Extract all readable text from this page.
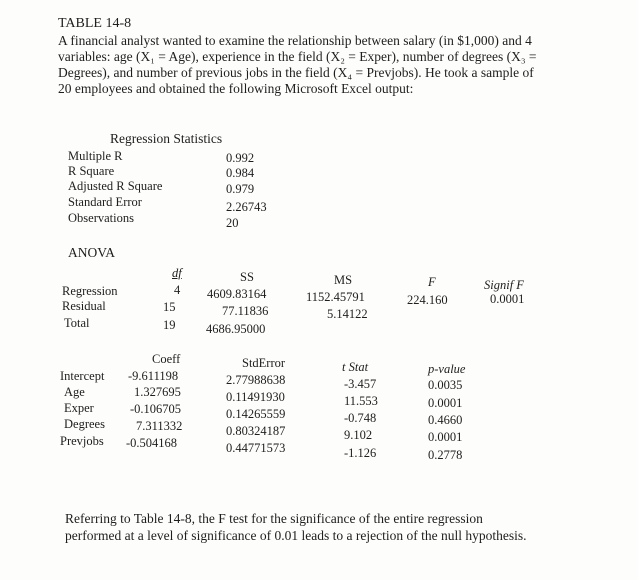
TABLE 14-8

A financial analyst wanted to examine the relationship between salary (in $1,000) and 4

variables: age (X₁ = Age), experience in the field (X₂ = Exper), number of degrees (X₃ =

Degrees), and number of previous jobs in the field (X₄ = Prevjobs). He took a sample of

20 employees and obtained the following Microsoft Excel output:

Regression Statistics
Multiple R	0.992
R Square	0.984
Adjusted R Square	0.979
Standard Error	2.26743
Observations	20
ANOVA
df	SS	MS	F	Signif F
Regression	4 4609.83164	1152.45791	224.160	0.0001
Residual	15	77.11836	5.14122
Total	19 4686.95000
Coeff	StdError	t Stat	p-value
Intercept -9.611198	2.77988638	-3.457	0.0035
Age	1.327695	0.11491930	11.553	0.0001
Exper	-0.106705	0.14265559	-0.748	0.4660
Degrees 7.311332	0.80324187	9.102	0.0001
Prevjobs -0.504168	0.44771573	-1.126	0.2778

Referring to Table 14-8, the F test for the significance of the entire regression

performed at a level of significance of 0.01 leads to a rejection of the null hypothesis.
